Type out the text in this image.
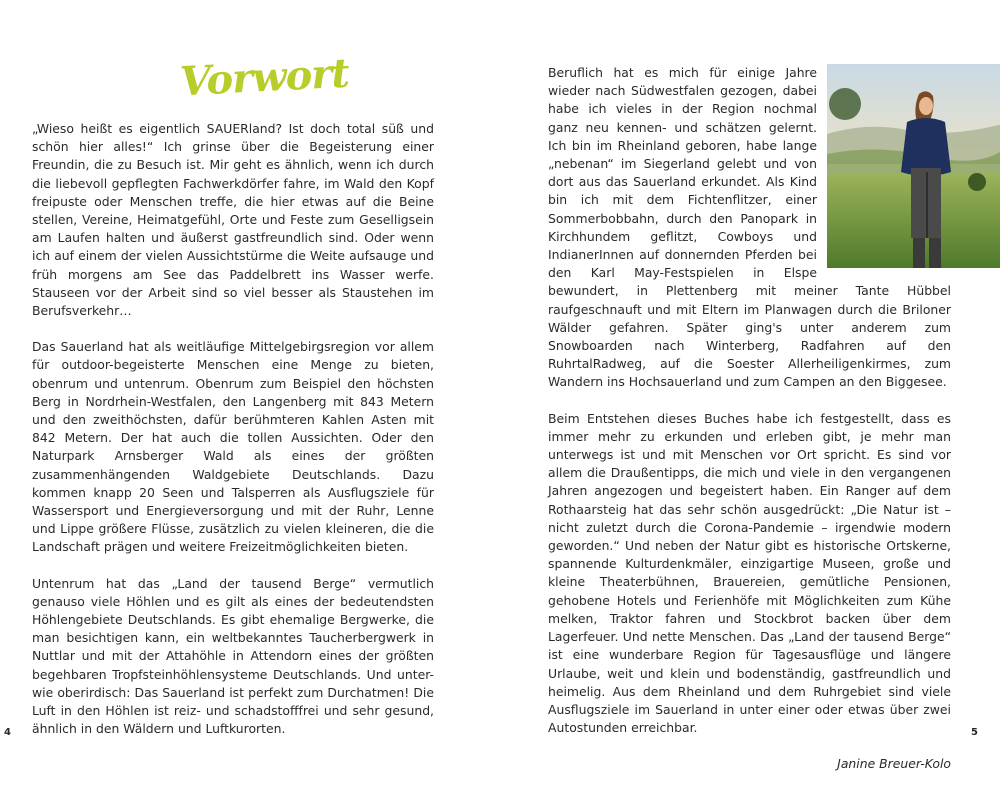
Vorwort

„Wieso heißt es eigentlich SAUERland? Ist doch total süß und schön hier alles!“ Ich grinse über die Begeisterung einer Freundin, die zu Besuch ist. Mir geht es ähnlich, wenn ich durch die liebevoll gepflegten Fachwerkdörfer fahre, im Wald den Kopf freipuste oder Menschen treffe, die hier etwas auf die Beine stellen, Vereine, Heimatgefühl, Orte und Feste zum Geselligsein am Laufen halten und äußerst gastfreundlich sind. Oder wenn ich auf einem der vielen Aussichtstürme die Weite aufsauge und früh morgens am See das Paddelbrett ins Wasser werfe. Stauseen vor der Arbeit sind so viel besser als Staustehen im Berufsverkehr…

Das Sauerland hat als weitläufige Mittelgebirgsregion vor allem für outdoor-begeisterte Menschen eine Menge zu bieten, obenrum und untenrum. Obenrum zum Beispiel den höchsten Berg in Nordrhein-Westfalen, den Langenberg mit 843 Metern und den zweithöchsten, dafür berühmteren Kahlen Asten mit 842 Metern. Der hat auch die tollen Aussichten. Oder den Naturpark Arnsberger Wald als eines der größten zusammenhängenden Waldgebiete Deutschlands. Dazu kommen knapp 20 Seen und Talsperren als Ausflugsziele für Wassersport und Energieversorgung und mit der Ruhr, Lenne und Lippe größere Flüsse, zusätzlich zu vielen kleineren, die die Landschaft prägen und weitere Freizeitmöglichkeiten bieten.

Untenrum hat das „Land der tausend Berge“ vermutlich genauso viele Höhlen und es gilt als eines der bedeutendsten Höhlengebiete Deutschlands. Es gibt ehemalige Bergwerke, die man besichtigen kann, ein weltbekanntes Taucherbergwerk in Nuttlar und mit der Attahöhle in Attendorn eines der größten begehbaren Tropfsteinhöhlensysteme Deutschlands. Und unter- wie oberirdisch: Das Sauerland ist perfekt zum Durchatmen! Die Luft in den Höhlen ist reiz- und schadstofffrei und sehr gesund, ähnlich in den Wäldern und Luftkurorten.

4	5

Beruflich hat es mich für einige Jahre wieder nach Südwestfalen gezogen, dabei habe ich vieles in der Region nochmal ganz neu kennen- und schätzen gelernt. Ich bin im Rheinland geboren, habe lange „nebenan“ im Siegerland gelebt und von dort aus das Sauerland erkundet. Als Kind bin ich mit dem Fichtenflitzer, einer Sommerbobbahn, durch den Panopark in Kirchhundem geflitzt, Cowboys und IndianerInnen auf donnernden Pferden bei den Karl May-Festspielen in Elspe bewundert, in Plettenberg mit meiner Tante Hübbel raufgeschnauft und mit Eltern im Planwagen durch die Briloner Wälder gefahren. Später ging's unter anderem zum Snowboarden nach Winterberg, Radfahren auf den RuhrtalRadweg, auf die Soester Allerheiligenkirmes, zum Wandern ins Hochsauerland und zum Campen an den Biggesee.

Beim Entstehen dieses Buches habe ich festgestellt, dass es immer mehr zu erkunden und erleben gibt, je mehr man unterwegs ist und mit Menschen vor Ort spricht. Es sind vor allem die Draußentipps, die mich und viele in den vergangenen Jahren angezogen und begeistert haben. Ein Ranger auf dem Rothaarsteig hat das sehr schön ausgedrückt: „Die Natur ist – nicht zuletzt durch die Corona-Pandemie – irgendwie modern geworden.“ Und neben der Natur gibt es historische Ortskerne, spannende Kulturdenkmäler, einzigartige Museen, große und kleine Theaterbühnen, Brauereien, gemütliche Pensionen, gehobene Hotels und Ferienhöfe mit Möglichkeiten zum Kühe melken, Traktor fahren und Stockbrot backen über dem Lagerfeuer. Und nette Menschen. Das „Land der tausend Berge“ ist eine wunderbare Region für Tagesausflüge und längere Urlaube, weit und klein und bodenständig, gastfreundlich und heimelig. Aus dem Rheinland und dem Ruhrgebiet sind viele Ausflugsziele im Sauerland in unter einer oder etwas über zwei Autostunden erreichbar.

Janine Breuer-Kolo
